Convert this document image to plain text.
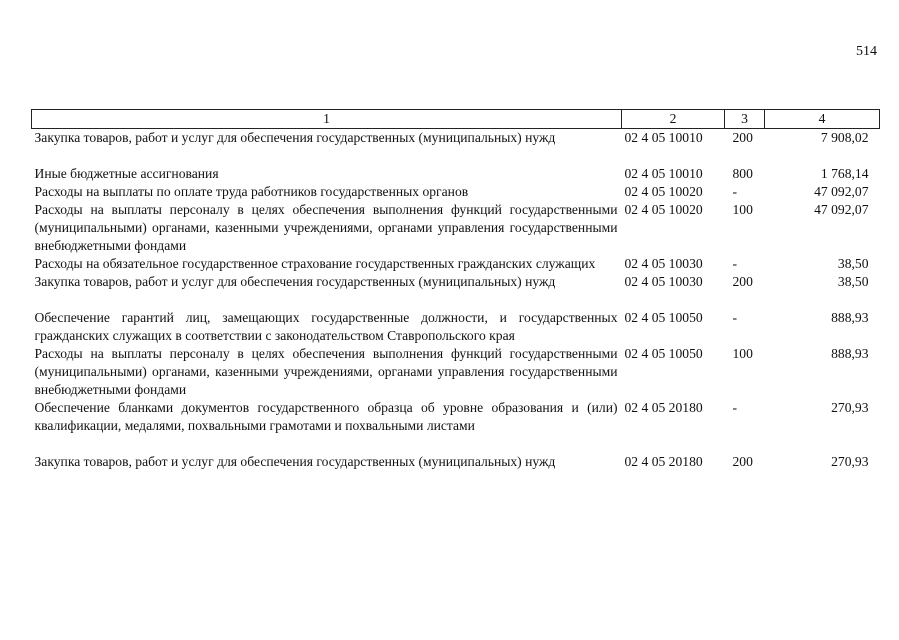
514
1	2	3	4
Закупка товаров, работ и услуг для обеспечения государственных (муниципальных) нужд	02 4 05 10010	200	7 908,02
Иные бюджетные ассигнования	02 4 05 10010	800	1 768,14
Расходы на выплаты по оплате труда работников государственных органов	02 4 05 10020	-	47 092,07
Расходы на выплаты персоналу в целях обеспечения выполнения функций государственными (муниципальными) органами, казенными учреждениями, органами управления государственными внебюджетными фондами	02 4 05 10020	100	47 092,07
Расходы на обязательное государственное страхование государственных гражданских служащих	02 4 05 10030	-	38,50
Закупка товаров, работ и услуг для обеспечения государственных (муниципальных) нужд	02 4 05 10030	200	38,50
Обеспечение гарантий лиц, замещающих государственные должности, и государственных гражданских служащих в соответствии с законодательством Ставропольского края	02 4 05 10050	-	888,93
Расходы на выплаты персоналу в целях обеспечения выполнения функций государственными (муниципальными) органами, казенными учреждениями, органами управления государственными внебюджетными фондами	02 4 05 10050	100	888,93
Обеспечение бланками документов государственного образца об уровне образования и (или) квалификации, медалями, похвальными грамотами и похвальными листами	02 4 05 20180	-	270,93
Закупка товаров, работ и услуг для обеспечения государственных (муниципальных) нужд	02 4 05 20180	200	270,93
